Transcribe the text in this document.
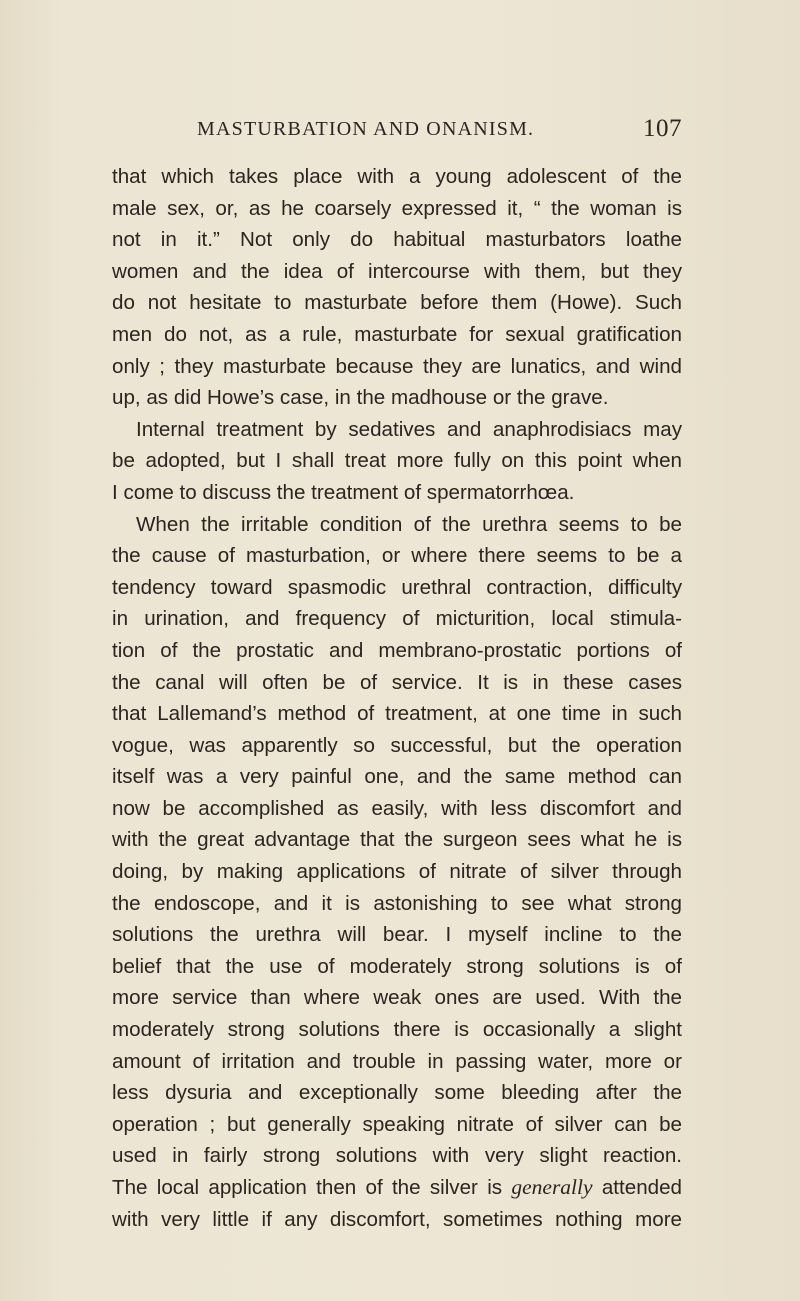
MASTURBATION AND ONANISM.	107
that which takes place with a young adolescent of the
male sex, or, as he coarsely expressed it, “ the woman is
not in it.” Not only do habitual masturbators loathe
women and the idea of intercourse with them, but they
do not hesitate to masturbate before them (Howe). Such
men do not, as a rule, masturbate for sexual gratification
only ; they masturbate because they are lunatics, and wind
up, as did Howe’s case, in the madhouse or the grave.
Internal treatment by sedatives and anaphrodisiacs may
be adopted, but I shall treat more fully on this point when
I come to discuss the treatment of spermatorrhœa.
When the irritable condition of the urethra seems to be
the cause of masturbation, or where there seems to be a
tendency toward spasmodic urethral contraction, difficulty
in urination, and frequency of micturition, local stimula-
tion of the prostatic and membrano-prostatic portions of
the canal will often be of service. It is in these cases
that Lallemand’s method of treatment, at one time in such
vogue, was apparently so successful, but the operation
itself was a very painful one, and the same method can
now be accomplished as easily, with less discomfort and
with the great advantage that the surgeon sees what he is
doing, by making applications of nitrate of silver through
the endoscope, and it is astonishing to see what strong
solutions the urethra will bear. I myself incline to the
belief that the use of moderately strong solutions is of
more service than where weak ones are used. With the
moderately strong solutions there is occasionally a slight
amount of irritation and trouble in passing water, more or
less dysuria and exceptionally some bleeding after the
operation ; but generally speaking nitrate of silver can be
used in fairly strong solutions with very slight reaction.
The local application then of the silver is generally attended
with very little if any discomfort, sometimes nothing more
